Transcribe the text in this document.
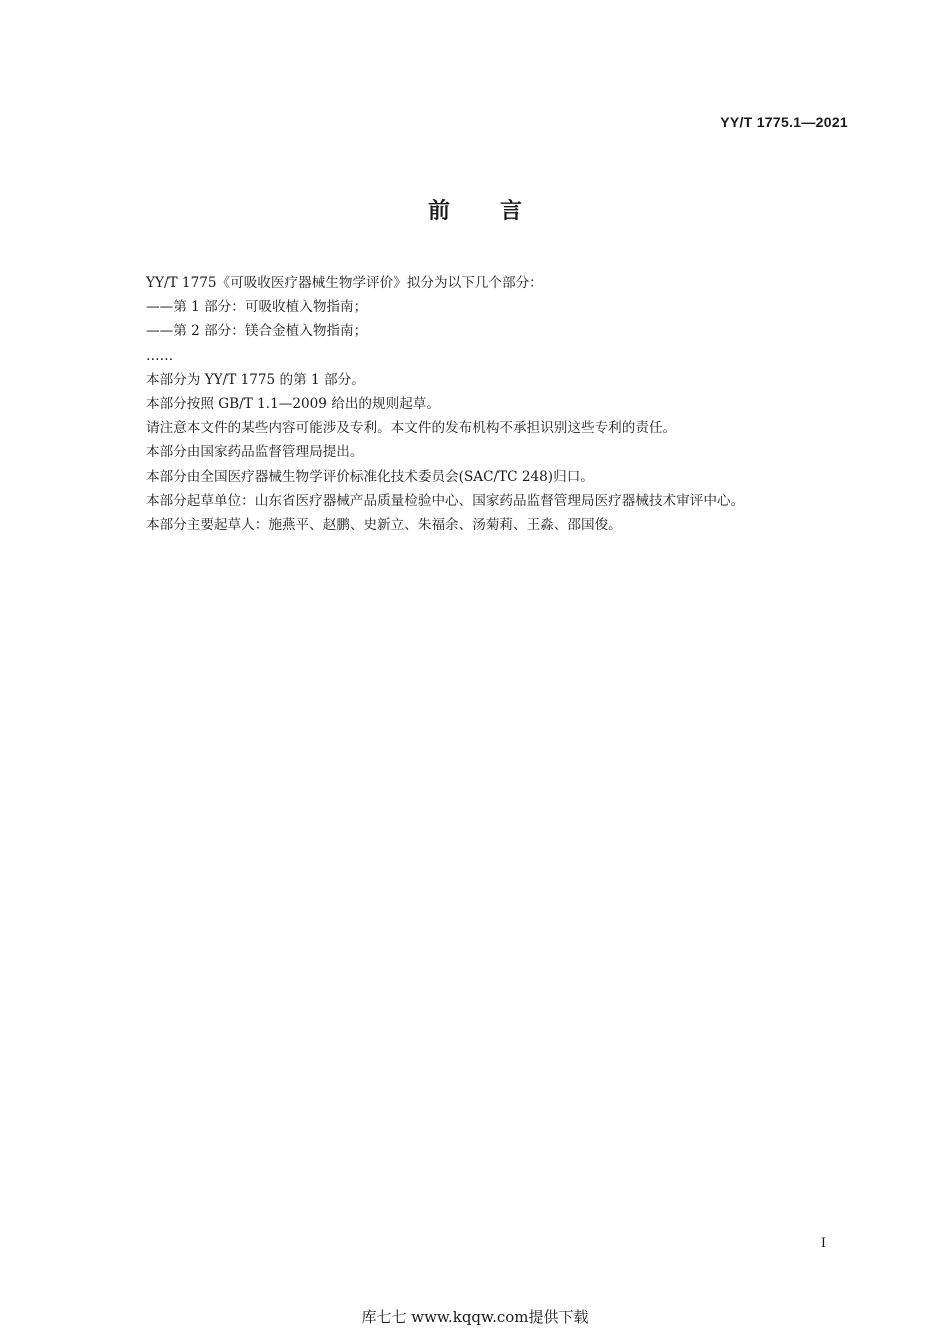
YY/T 1775.1—2021
前言

YY/T 1775《可吸收医疗器械生物学评价》拟分为以下几个部分：

——第 1 部分：可吸收植入物指南；

——第 2 部分：镁合金植入物指南；

……

本部分为 YY/T 1775 的第 1 部分。

本部分按照 GB/T 1.1—2009 给出的规则起草。

请注意本文件的某些内容可能涉及专利。本文件的发布机构不承担识别这些专利的责任。

本部分由国家药品监督管理局提出。

本部分由全国医疗器械生物学评价标准化技术委员会(SAC/TC 248)归口。

本部分起草单位：山东省医疗器械产品质量检验中心、国家药品监督管理局医疗器械技术审评中心。

本部分主要起草人：施燕平、赵鹏、史新立、朱福余、汤菊莉、王淼、邵国俊。

I
库七七 www.kqqw.com提供下载
